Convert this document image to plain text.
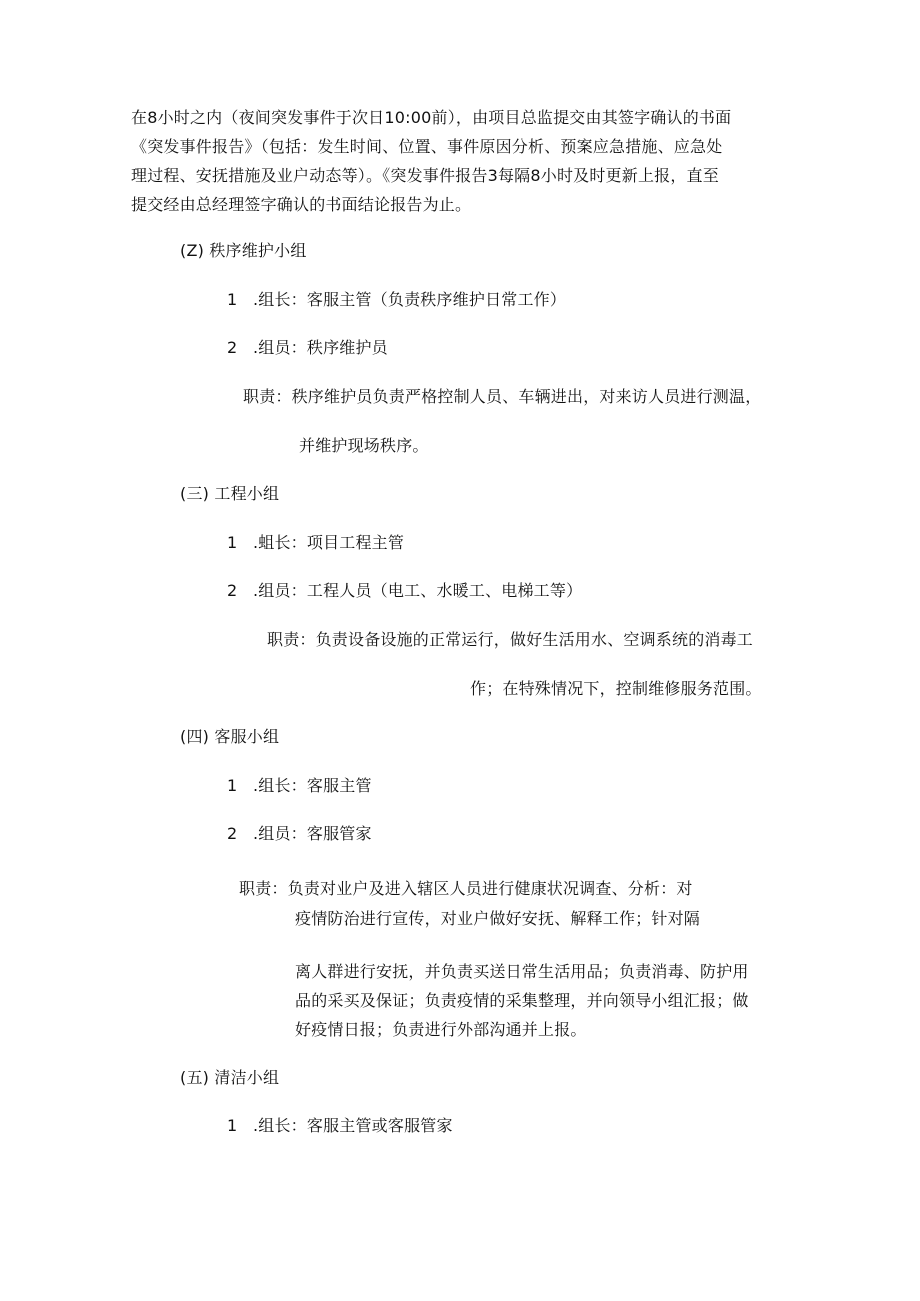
在8小时之内（夜间突发事件于次日10:00前），由项目总监提交由其签字确认的书面
《突发事件报告》（包括：发生时间、位置、事件原因分析、预案应急措施、应急处
理过程、安抚措施及业户动态等）。《突发事件报告3每隔8小时及时更新上报，直至
提交经由总经理签字确认的书面结论报告为止。
(Z) 秩序维护小组
1 .组长：客服主管（负责秩序维护日常工作）
2 .组员：秩序维护员
职责：秩序维护员负责严格控制人员、车辆进出，对来访人员进行测温，
并维护现场秩序。
(三) 工程小组
1 .蛆长：项目工程主管
2 .组员：工程人员（电工、水暖工、电梯工等）
职责：负责设备设施的正常运行，做好生活用水、空调系统的消毒工
作；在特殊情况下，控制维修服务范围。
(四) 客服小组
1 .组长：客服主管
2 .组员：客服管家
职责：负责对业户及进入辖区人员进行健康状况调查、分析：对
疫情防治进行宣传，对业户做好安抚、解释工作；针对隔
离人群进行安抚，并负责买送日常生活用品；负责消毒、防护用
品的采买及保证；负责疫情的采集整理，并向领导小组汇报；做
好疫情日报；负责进行外部沟通并上报。
(五) 清洁小组
1 .组长：客服主管或客服管家
